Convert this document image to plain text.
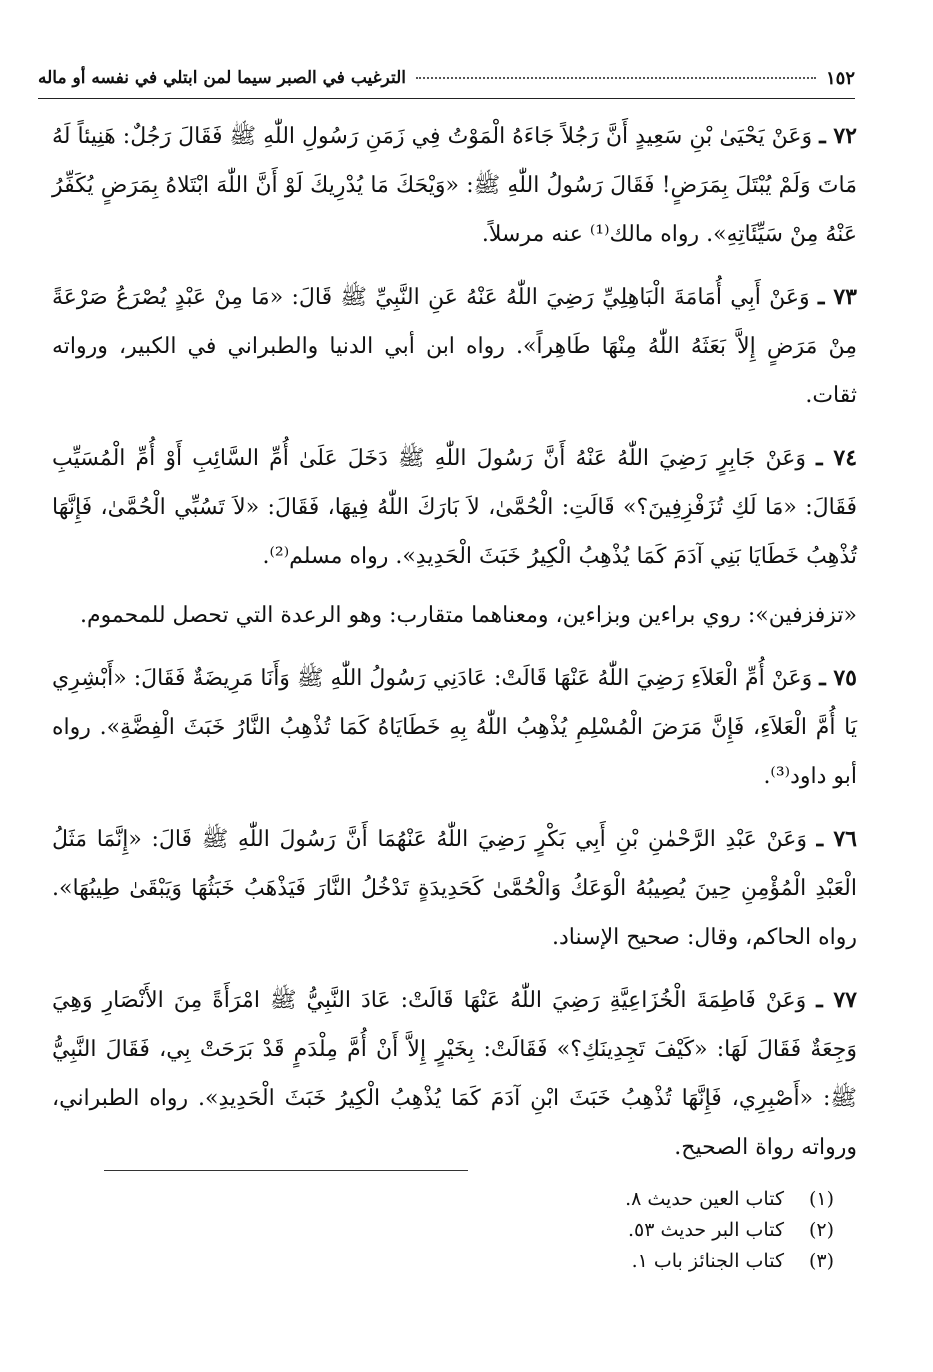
١٥٢
الترغيب في الصبر سيما لمن ابتلي في نفسه أو ماله

٧٢ ـ وَعَنْ يَحْيَىٰ بْنِ سَعِيدٍ أَنَّ رَجُلاً جَاءَهُ الْمَوْتُ فِي زَمَنِ رَسُولِ اللّٰهِ ﷺ فَقَالَ رَجُلٌ: هَنِيئاً لَهُ مَاتَ وَلَمْ يُبْتَلَ بِمَرَضٍ! فَقَالَ رَسُولُ اللّٰهِ ﷺ: «وَيْحَكَ مَا يُدْرِيكَ لَوْ أَنَّ اللّٰهَ ابْتَلاهُ بِمَرَضٍ يُكَفِّرُ عَنْهُ مِنْ سَيِّئَاتِهِ». رواه مالك⁽¹⁾ عنه مرسلاً.

٧٣ ـ وَعَنْ أَبِي أُمَامَةَ الْبَاهِلِيِّ رَضِيَ اللّٰهُ عَنْهُ عَنِ النَّبِيِّ ﷺ قَالَ: «مَا مِنْ عَبْدٍ يُصْرَعُ صَرْعَةً مِنْ مَرَضٍ إِلاَّ بَعَثَهُ اللّٰهُ مِنْهَا طَاهِراً». رواه ابن أبي الدنيا والطبراني في الكبير، ورواته ثقات.

٧٤ ـ وَعَنْ جَابِرٍ رَضِيَ اللّٰهُ عَنْهُ أَنَّ رَسُولَ اللّٰهِ ﷺ دَخَلَ عَلَىٰ أُمِّ السَّائِبِ أَوْ أُمِّ الْمُسَيِّبِ فَقَالَ: «مَا لَكِ تُزَفْزِفِينَ؟» قَالَتِ: الْحُمَّىٰ، لاَ بَارَكَ اللّٰهُ فِيهَا، فَقَالَ: «لاَ تَسُبِّي الْحُمَّىٰ، فَإِنَّهَا تُذْهِبُ خَطَايَا بَنِي آدَمَ كَمَا يُذْهِبُ الْكِيرُ خَبَثَ الْحَدِيدِ». رواه مسلم⁽²⁾.

«تزفزفين»: روي براءين وبزاءين، ومعناهما متقارب: وهو الرعدة التي تحصل للمحموم.

٧٥ ـ وَعَنْ أُمِّ الْعَلاَءِ رَضِيَ اللّٰهُ عَنْهَا قَالَتْ: عَادَنِي رَسُولُ اللّٰهِ ﷺ وَأَنَا مَرِيضَةٌ فَقَالَ: «أَبْشِرِي يَا أُمَّ الْعَلاَءِ، فَإِنَّ مَرَضَ الْمُسْلِمِ يُذْهِبُ اللّٰهُ بِهِ خَطَايَاهُ كَمَا تُذْهِبُ النَّارُ خَبَثَ الْفِضَّةِ». رواه أبو داود⁽³⁾.

٧٦ ـ وَعَنْ عَبْدِ الرَّحْمٰنِ بْنِ أَبِي بَكْرٍ رَضِيَ اللّٰهُ عَنْهُمَا أَنَّ رَسُولَ اللّٰهِ ﷺ قَالَ: «إِنَّمَا مَثَلُ الْعَبْدِ الْمُؤْمِنِ حِينَ يُصِيبُهُ الْوَعَكُ وَالْحُمَّىٰ كَحَدِيدَةٍ تَدْخُلُ النَّارَ فَيَذْهَبُ خَبَثُهَا وَيَبْقَىٰ طِيبُهَا». رواه الحاكم، وقال: صحيح الإسناد.

٧٧ ـ وَعَنْ فَاطِمَةَ الْخُزَاعِيَّةِ رَضِيَ اللّٰهُ عَنْهَا قَالَتْ: عَادَ النَّبِيُّ ﷺ امْرَأَةً مِنَ الأَنْصَارِ وَهِيَ وَجِعَةٌ فَقَالَ لَهَا: «كَيْفَ تَجِدِينَكِ؟» فَقَالَتْ: بِخَيْرٍ إِلاَّ أَنْ أُمَّ مِلْدَمٍ قَدْ بَرَحَتْ بِي، فَقَالَ النَّبِيُّ ﷺ: «أَصْبِرِي، فَإِنَّهَا تُذْهِبُ خَبَثَ ابْنِ آدَمَ كَمَا يُذْهِبُ الْكِيرُ خَبَثَ الْحَدِيدِ». رواه الطبراني، ورواته رواة الصحيح.

(١)
كتاب العين حديث ٨.
(٢)
كتاب البر حديث ٥٣.
(٣)
كتاب الجنائز باب ١.
